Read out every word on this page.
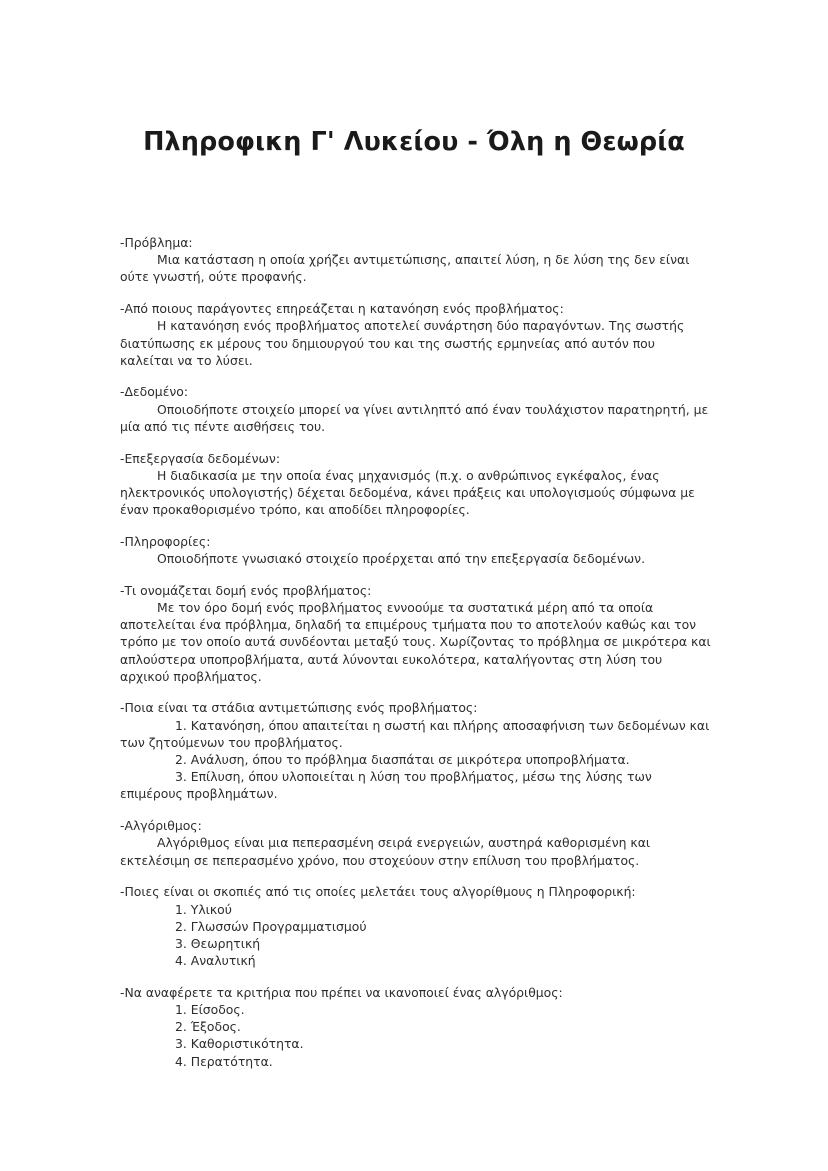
Πληροφικη Γ' Λυκείου - Όλη η Θεωρία

-Πρόβλημα:

Μια κατάσταση η οποία χρήζει αντιμετώπισης, απαιτεί λύση, η δε λύση της δεν είναι ούτε γνωστή, ούτε προφανής.

-Από ποιους παράγοντες επηρεάζεται η κατανόηση ενός προβλήματος:

Η κατανόηση ενός προβλήματος αποτελεί συνάρτηση δύο παραγόντων. Της σωστής διατύπωσης εκ μέρους του δημιουργού του και της σωστής ερμηνείας από αυτόν που καλείται να το λύσει.

-Δεδομένο:

Οποιοδήποτε στοιχείο μπορεί να γίνει αντιληπτό από έναν τουλάχιστον παρατηρητή, με μία από τις πέντε αισθήσεις του.

-Επεξεργασία δεδομένων:

Η διαδικασία με την οποία ένας μηχανισμός (π.χ. ο ανθρώπινος εγκέφαλος, ένας ηλεκτρονικός υπολογιστής) δέχεται δεδομένα, κάνει πράξεις και υπολογισμούς σύμφωνα με έναν προκαθορισμένο τρόπο, και αποδίδει πληροφορίες.

-Πληροφορίες:

Οποιοδήποτε γνωσιακό στοιχείο προέρχεται από την επεξεργασία δεδομένων.

-Τι ονομάζεται δομή ενός προβλήματος:

Με τον όρο δομή ενός προβλήματος εννοούμε τα συστατικά μέρη από τα οποία αποτελείται ένα πρόβλημα, δηλαδή τα επιμέρους τμήματα που το αποτελούν καθώς και τον τρόπο με τον οποίο αυτά συνδέονται μεταξύ τους. Χωρίζοντας το πρόβλημα σε μικρότερα και απλούστερα υποπροβλήματα, αυτά λύνονται ευκολότερα, καταλήγοντας στη λύση του αρχικού προβλήματος.

-Ποια είναι τα στάδια αντιμετώπισης ενός προβλήματος:

1. Κατανόηση, όπου απαιτείται η σωστή και πλήρης αποσαφήνιση των δεδομένων και των ζητούμενων του προβλήματος.
2. Ανάλυση, όπου το πρόβλημα διασπάται σε μικρότερα υποπροβλήματα.
3. Επίλυση, όπου υλοποιείται η λύση του προβλήματος, μέσω της λύσης των επιμέρους προβλημάτων.

-Αλγόριθμος:

Αλγόριθμος είναι μια πεπερασμένη σειρά ενεργειών, αυστηρά καθορισμένη και εκτελέσιμη σε πεπερασμένο χρόνο, που στοχεύουν στην επίλυση του προβλήματος.

-Ποιες είναι οι σκοπιές από τις οποίες μελετάει τους αλγορίθμους η Πληροφορική:

1. Υλικού
2. Γλωσσών Προγραμματισμού
3. Θεωρητική
4. Αναλυτική

-Να αναφέρετε τα κριτήρια που πρέπει να ικανοποιεί ένας αλγόριθμος:

1. Είσοδος.
2. Έξοδος.
3. Καθοριστικότητα.
4. Περατότητα.
